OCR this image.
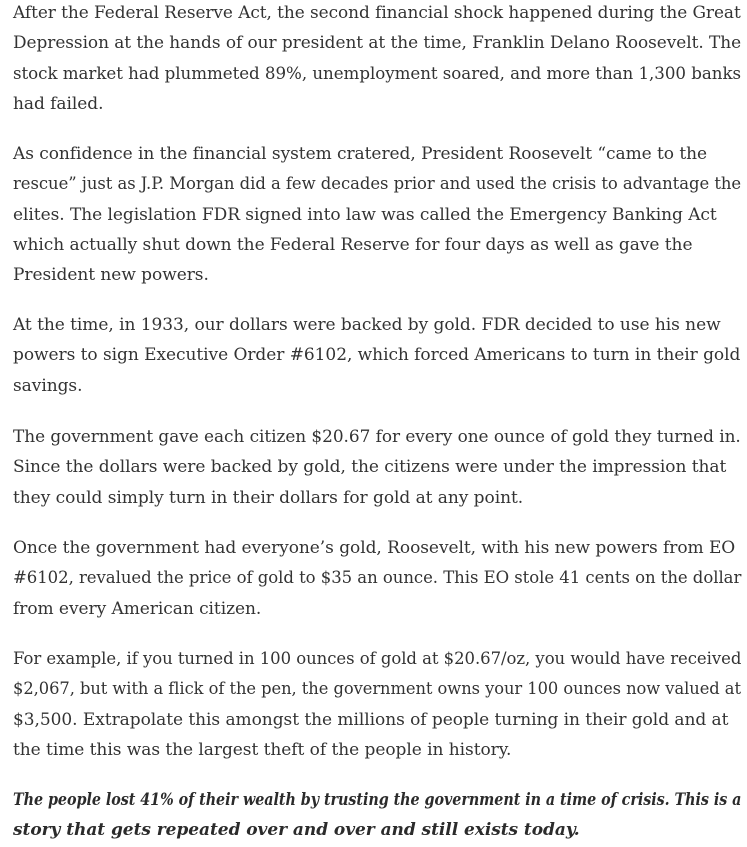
After the Federal Reserve Act, the second financial shock happened during the Great
Depression at the hands of our president at the time, Franklin Delano Roosevelt. The
stock market had plummeted 89%, unemployment soared, and more than 1,300 banks
had failed.

As confidence in the financial system cratered, President Roosevelt “came to the
rescue” just as J.P. Morgan did a few decades prior and used the crisis to advantage the
elites. The legislation FDR signed into law was called the Emergency Banking Act
which actually shut down the Federal Reserve for four days as well as gave the
President new powers.

At the time, in 1933, our dollars were backed by gold. FDR decided to use his new
powers to sign Executive Order #6102, which forced Americans to turn in their gold
savings.

The government gave each citizen $20.67 for every one ounce of gold they turned in.
Since the dollars were backed by gold, the citizens were under the impression that
they could simply turn in their dollars for gold at any point.

Once the government had everyone’s gold, Roosevelt, with his new powers from EO
#6102, revalued the price of gold to $35 an ounce. This EO stole 41 cents on the dollar
from every American citizen.

For example, if you turned in 100 ounces of gold at $20.67/oz, you would have received
$2,067, but with a flick of the pen, the government owns your 100 ounces now valued at
$3,500. Extrapolate this amongst the millions of people turning in their gold and at
the time this was the largest theft of the people in history.

The people lost 41% of their wealth by trusting the government in a time of crisis. This is a
story that gets repeated over and over and still exists today.
